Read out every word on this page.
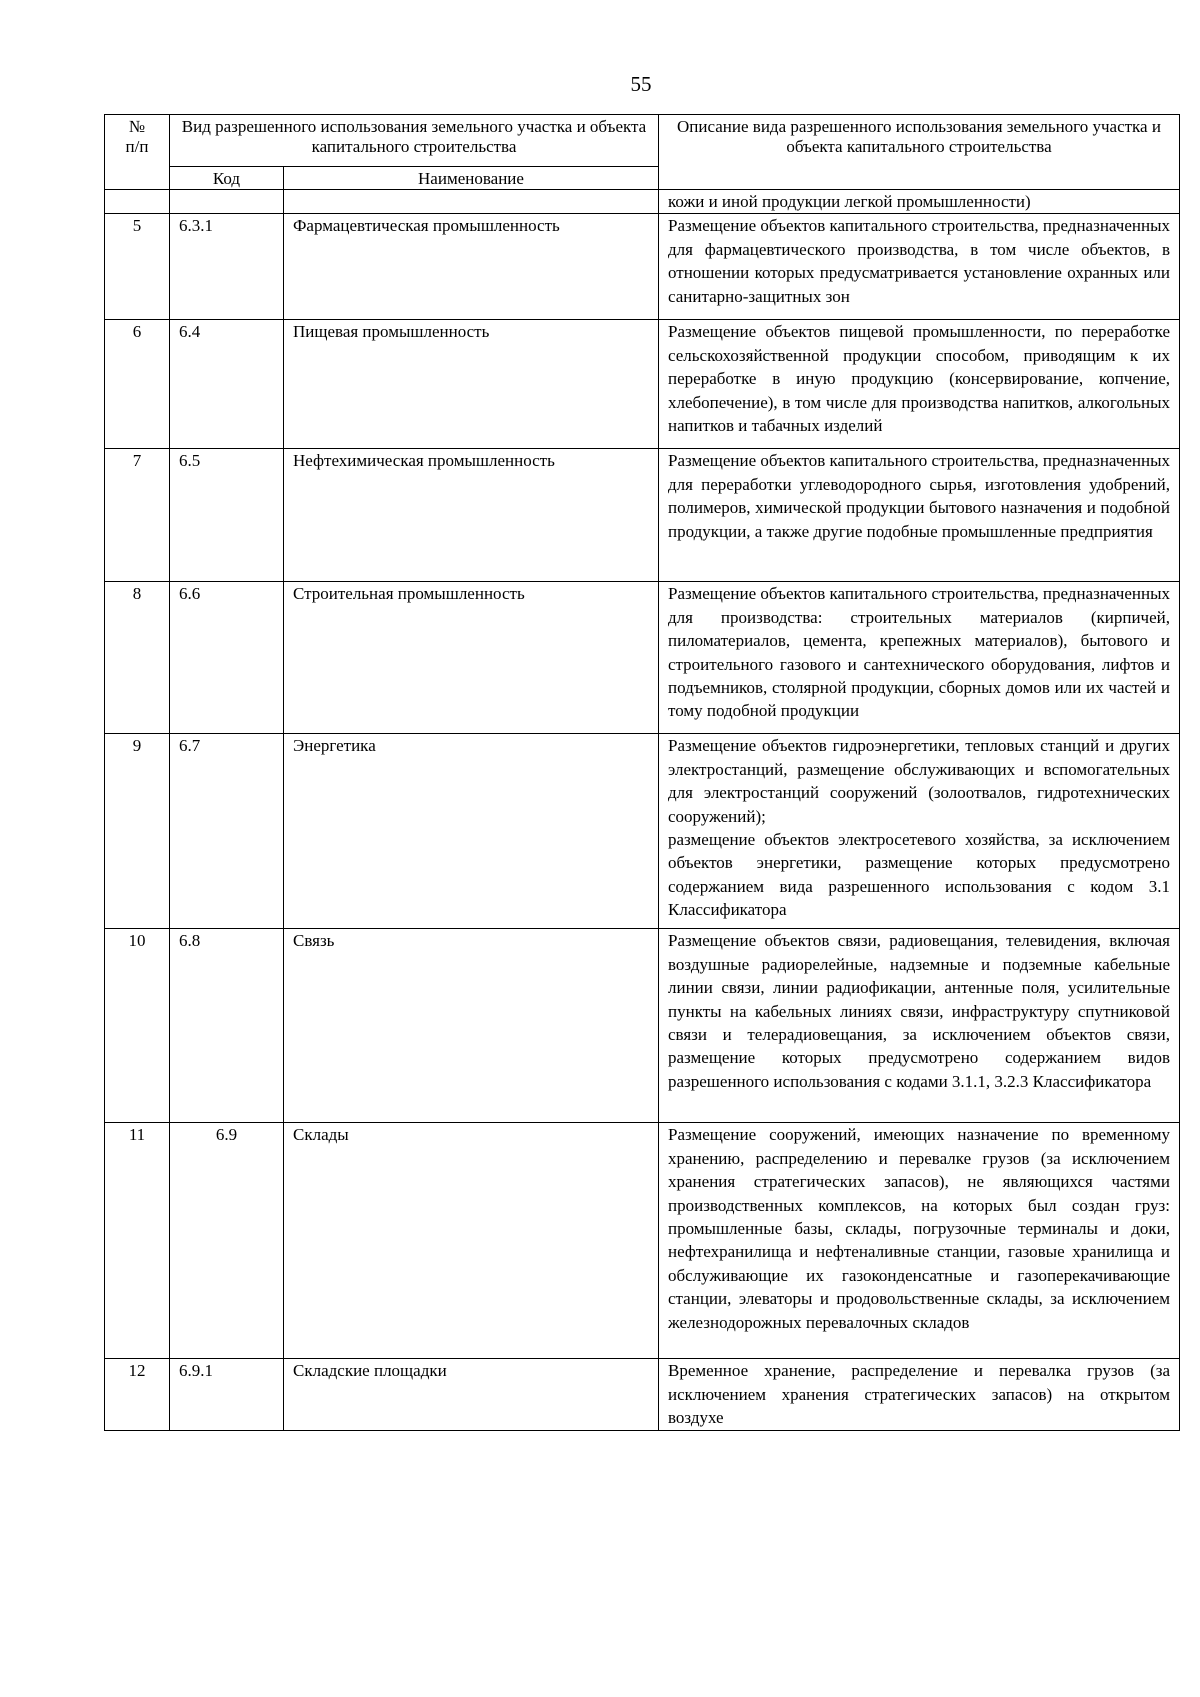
55
№
п/п	Вид разрешенного использования земельного участка и объекта капитального строительства		Описание вида разрешенного использования земельного участка и объекта капитального строительства
	Код	Наименование	
			кожи и иной продукции легкой промышленности)
5	6.3.1	Фармацевтическая промышленность	Размещение объектов капитального строительства, предназначенных для фармацевтического производства, в том числе объектов, в отношении которых предусматривается установление охранных или санитарно-защитных зон

6	6.4	Пищевая промышленность	Размещение объектов пищевой промышленности, по переработке сельскохозяйственной продукции способом, приводящим к их переработке в иную продукцию (консервирование, копчение, хлебопечение), в том числе для производства напитков, алкогольных напитков и табачных изделий

7	6.5	Нефтехимическая промышленность	Размещение объектов капитального строительства, предназначенных для переработки углеводородного сырья, изготовления удобрений, полимеров, химической продукции бытового назначения и подобной продукции, а также другие подобные промышленные предприятия

8	6.6	Строительная промышленность	Размещение объектов капитального строительства, предназначенных для производства: строительных материалов (кирпичей, пиломатериалов, цемента, крепежных материалов), бытового и строительного газового и сантехнического оборудования, лифтов и подъемников, столярной продукции, сборных домов или их частей и тому подобной продукции

9	6.7	Энергетика	Размещение объектов гидроэнергетики, тепловых станций и других электростанций, размещение обслуживающих и вспомогательных для электростанций сооружений (золоотвалов, гидротехнических сооружений);

размещение объектов электросетевого хозяйства, за исключением объектов энергетики, размещение которых предусмотрено содержанием вида разрешенного использования с кодом 3.1 Классификатора

10	6.8	Связь	Размещение объектов связи, радиовещания, телевидения, включая воздушные радиорелейные, надземные и подземные кабельные линии связи, линии радиофикации, антенные поля, усилительные пункты на кабельных линиях связи, инфраструктуру спутниковой связи и телерадиовещания, за исключением объектов связи, размещение которых предусмотрено содержанием видов разрешенного использования с кодами 3.1.1, 3.2.3 Классификатора

11	6.9	Склады	Размещение сооружений, имеющих назначение по временному хранению, распределению и перевалке грузов (за исключением хранения стратегических запасов), не являющихся частями производственных комплексов, на которых был создан груз: промышленные базы, склады, погрузочные терминалы и доки, нефтехранилища и нефтеналивные станции, газовые хранилища и обслуживающие их газоконденсатные и газоперекачивающие станции, элеваторы и продовольственные склады, за исключением железнодорожных перевалочных складов

12	6.9.1	Складские площадки	Временное хранение, распределение и перевалка грузов (за исключением хранения стратегических запасов) на открытом воздухе
